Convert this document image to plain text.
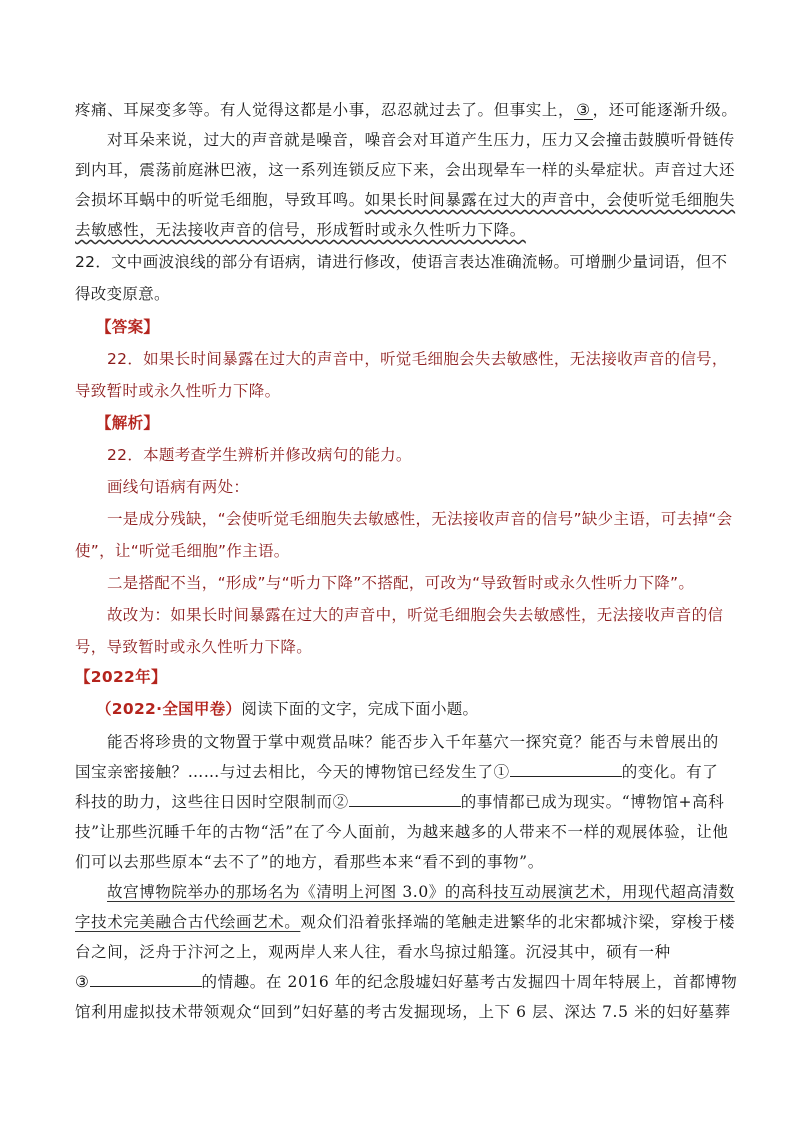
疼痛、耳屎变多等。有人觉得这都是小事，忍忍就过去了。但事实上， ③ ，还可能逐渐升级。
对耳朵来说，过大的声音就是噪音，噪音会对耳道产生压力，压力又会撞击鼓膜听骨链传
到内耳，震荡前庭淋巴液，这一系列连锁反应下来，会出现晕车一样的头晕症状。声音过大还
会损坏耳蜗中的听觉毛细胞，导致耳鸣。如果长时间暴露在过大的声音中，会使听觉毛细胞失
去敏感性，无法接收声音的信号，形成暂时或永久性听力下降。
22．文中画波浪线的部分有语病，请进行修改，使语言表达准确流畅。可增删少量词语，但不
得改变原意。
【答案】
22．如果长时间暴露在过大的声音中，听觉毛细胞会失去敏感性，无法接收声音的信号，
导致暂时或永久性听力下降。
【解析】
22．本题考查学生辨析并修改病句的能力。
画线句语病有两处：
一是成分残缺，“会使听觉毛细胞失去敏感性，无法接收声音的信号”缺少主语，可去掉“会
使”，让“听觉毛细胞”作主语。
二是搭配不当，“形成”与“听力下降”不搭配，可改为“导致暂时或永久性听力下降”。
故改为：如果长时间暴露在过大的声音中，听觉毛细胞会失去敏感性，无法接收声音的信
号，导致暂时或永久性听力下降。
【2022年】
（2022·全国甲卷）阅读下面的文字，完成下面小题。
能否将珍贵的文物置于掌中观赏品味？能否步入千年墓穴一探究竟？能否与未曾展出的
国宝亲密接触？……与过去相比，今天的博物馆已经发生了①	的变化。有了
科技的助力，这些往日因时空限制而②	的事情都已成为现实。“博物馆+高科
技”让那些沉睡千年的古物“活”在了今人面前，为越来越多的人带来不一样的观展体验，让他
们可以去那些原本“去不了”的地方，看那些本来“看不到的事物”。
故宫博物院举办的那场名为《清明上河图 3.0》的高科技互动展演艺术，用现代超高清数
字技术完美融合古代绘画艺术。观众们沿着张择端的笔触走进繁华的北宋都城汴梁，穿梭于楼
台之间，泛舟于汴河之上，观两岸人来人往，看水鸟掠过船篷。沉浸其中，硕有一种
③	的情趣。在 2016 年的纪念殷墟妇好墓考古发掘四十周年特展上，首都博物
馆利用虚拟技术带领观众“回到”妇好墓的考古发掘现场，上下 6 层、深达 7.5 米的妇好墓葬
